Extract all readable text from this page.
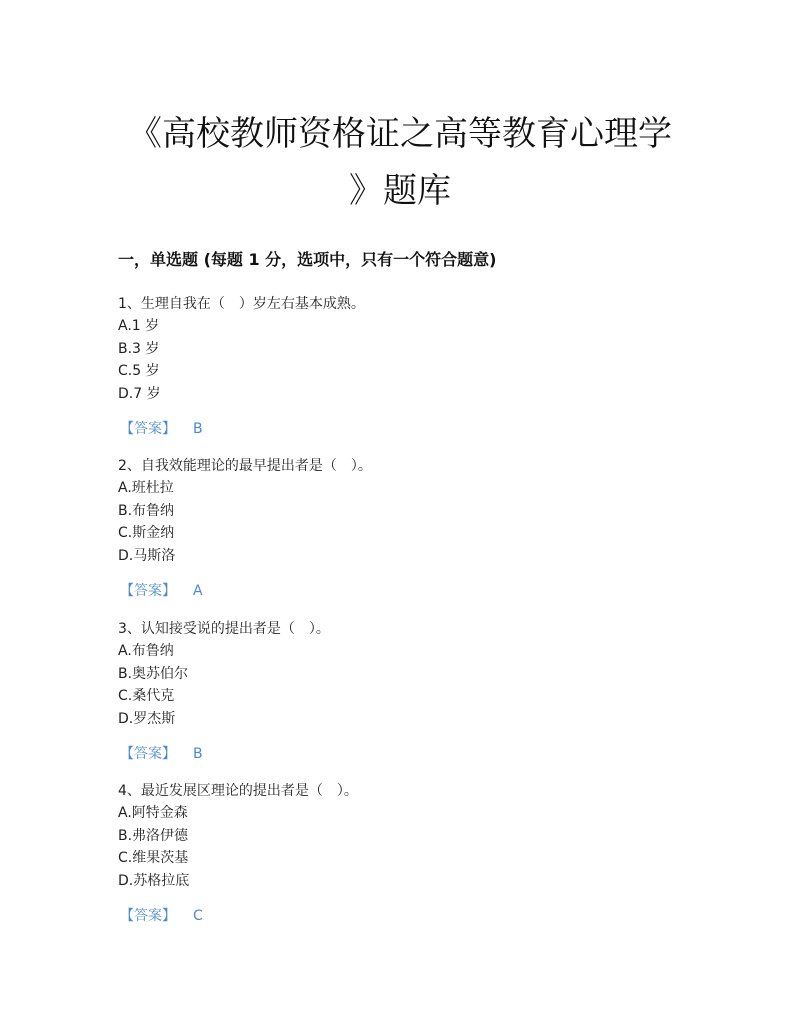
《高校教师资格证之高等教育心理学
》题库
一，单选题 (每题 1 分，选项中，只有一个符合题意)
1、生理自我在（　）岁左右基本成熟。
A.1 岁
B.3 岁
C.5 岁
D.7 岁
【答案】 B
2、自我效能理论的最早提出者是（　）。
A.班杜拉
B.布鲁纳
C.斯金纳
D.马斯洛
【答案】 A
3、认知接受说的提出者是（　）。
A.布鲁纳
B.奥苏伯尔
C.桑代克
D.罗杰斯
【答案】 B
4、最近发展区理论的提出者是（　）。
A.阿特金森
B.弗洛伊德
C.维果茨基
D.苏格拉底
【答案】 C
